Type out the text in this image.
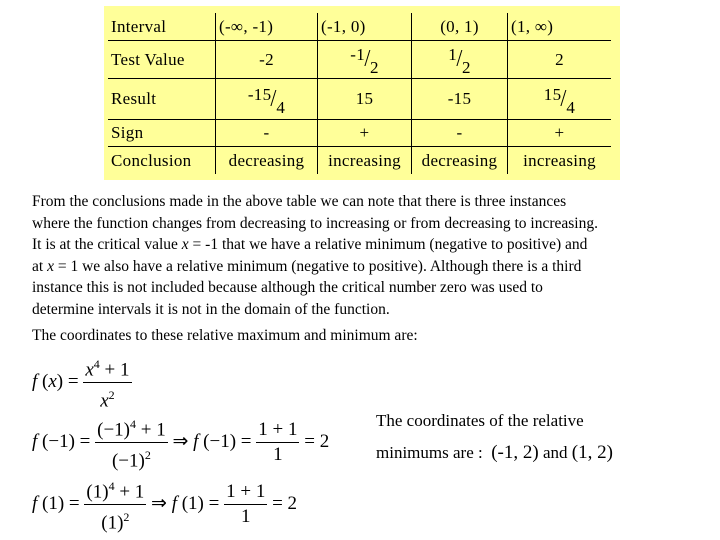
Interval	(-∞, -1)	(-1, 0)	(0, 1)	(1, ∞)
Test Value	-2	-1/2	1/2	2
Result	-15/4	15	-15	15/4
Sign	-	+	-	+
Conclusion	decreasing	increasing	decreasing	increasing

From the conclusions made in the above table we can note that there is three instances

where the function changes from decreasing to increasing or from decreasing to increasing.

It is at the critical value x = -1 that we have a relative minimum (negative to positive) and

at x = 1 we also have a relative minimum (negative to positive). Although there is a third

instance this is not included because although the critical number zero was used to

determine intervals it is not in the domain of the function.

The coordinates to these relative maximum and minimum are:
f $(x) = \frac{x^4 + 1}{x^2}$
f $(-1) = \frac{(-1)^4 + 1}{(-1)^2}$ ⇒ f $(-1) = \frac{1 + 1}{1} = 2$
f $(1) = \frac{(1)^4 + 1}{(1)^2}$ ⇒ f $(1) = \frac{1 + 1}{1} = 2$
The coordinates of the relative
minimums are : (-1, 2) and (1, 2)
